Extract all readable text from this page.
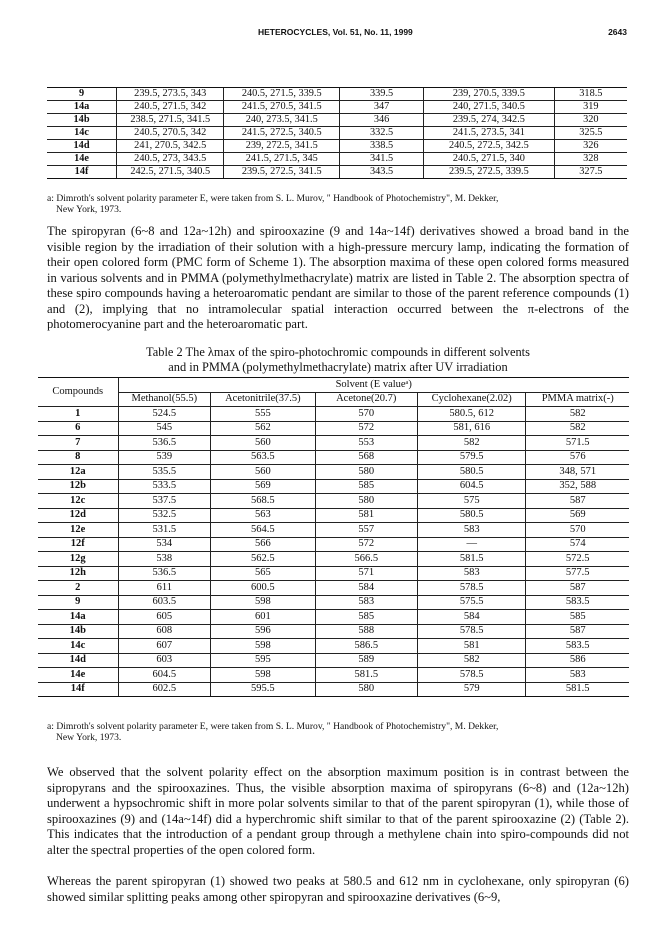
HETEROCYCLES, Vol. 51, No. 11, 1999	2643
9	239.5, 273.5, 343	240.5, 271.5, 339.5	339.5	239, 270.5, 339.5	318.5
14a	240.5, 271.5, 342	241.5, 270.5, 341.5	347	240, 271.5, 340.5	319
14b	238.5, 271.5, 341.5	240, 273.5, 341.5	346	239.5, 274, 342.5	320
14c	240.5, 270.5, 342	241.5, 272.5, 340.5	332.5	241.5, 273.5, 341	325.5
14d	241, 270.5, 342.5	239, 272.5, 341.5	338.5	240.5, 272.5, 342.5	326
14e	240.5, 273, 343.5	241.5, 271.5, 345	341.5	240.5, 271.5, 340	328
14f	242.5, 271.5, 340.5	239.5, 272.5, 341.5	343.5	239.5, 272.5, 339.5	327.5
a: Dimroth's solvent polarity parameter E, were taken from S. L. Murov, " Handbook of Photochemistry", M. Dekker,
New York, 1973.

The spiropyran (6~8 and 12a~12h) and spirooxazine (9 and 14a~14f) derivatives showed a broad band in the visible region by the irradiation of their solution with a high-pressure mercury lamp, indicating the formation of their open colored form (PMC form of Scheme 1). The absorption maxima of these open colored forms measured in various solvents and in PMMA (polymethylmethacrylate) matrix are listed in Table 2. The absorption spectra of these spiro compounds having a heteroaromatic pendant are similar to those of the parent reference compounds (1) and (2), implying that no intramolecular spatial interaction occurred between the π-electrons of the photomerocyanine part and the heteroaromatic part.

Table 2 The λmax of the spiro-photochromic compounds in different solvents
and in PMMA (polymethylmethacrylate) matrix after UV irradiation
Compounds	Solvent (E valueᵃ)				
	Methanol(55.5)	Acetonitrile(37.5)	Acetone(20.7)	Cyclohexane(2.02)	PMMA matrix(-)
1	524.5	555	570	580.5, 612	582
6	545	562	572	581, 616	582
7	536.5	560	553	582	571.5
8	539	563.5	568	579.5	576
12a	535.5	560	580	580.5	348, 571
12b	533.5	569	585	604.5	352, 588
12c	537.5	568.5	580	575	587
12d	532.5	563	581	580.5	569
12e	531.5	564.5	557	583	570
12f	534	566	572	—	574
12g	538	562.5	566.5	581.5	572.5
12h	536.5	565	571	583	577.5
2	611	600.5	584	578.5	587
9	603.5	598	583	575.5	583.5
14a	605	601	585	584	585
14b	608	596	588	578.5	587
14c	607	598	586.5	581	583.5
14d	603	595	589	582	586
14e	604.5	598	581.5	578.5	583
14f	602.5	595.5	580	579	581.5
a: Dimroth's solvent polarity parameter E, were taken from S. L. Murov, " Handbook of Photochemistry", M. Dekker,
New York, 1973.

We observed that the solvent polarity effect on the absorption maximum position is in contrast between the sipropyrans and the spirooxazines. Thus, the visible absorption maxima of spiropyrans (6~8) and (12a~12h) underwent a hypsochromic shift in more polar solvents similar to that of the parent spiropyran (1), while those of spirooxazines (9) and (14a~14f) did a hyperchromic shift similar to that of the parent spirooxazine (2) (Table 2). This indicates that the introduction of a pendant group through a methylene chain into spiro-compounds did not alter the spectral properties of the open colored form.

Whereas the parent spiropyran (1) showed two peaks at 580.5 and 612 nm in cyclohexane, only spiropyran (6) showed similar splitting peaks among other spiropyran and spirooxazine derivatives (6~9,
